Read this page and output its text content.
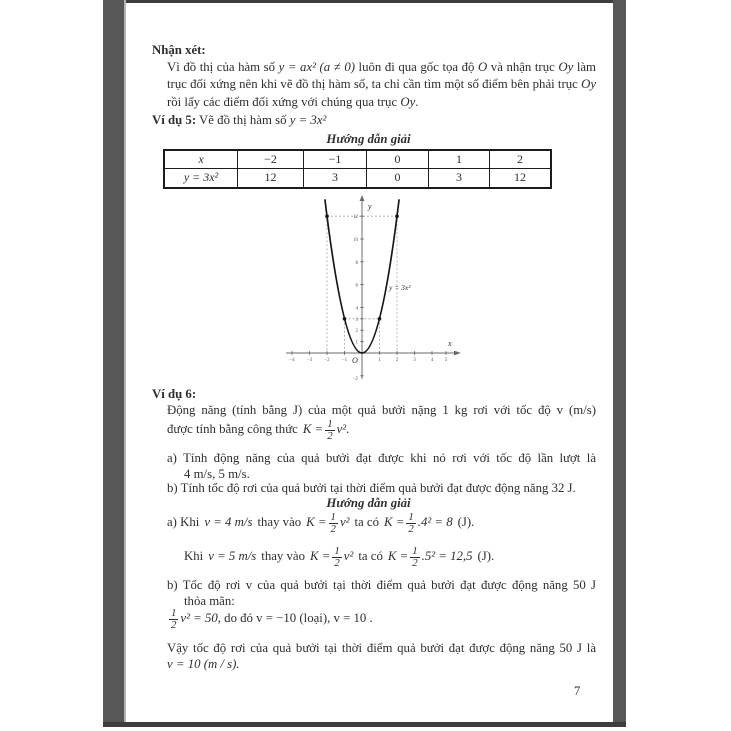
Nhận xét:
Vì đồ thị của hàm số y = ax² (a ≠ 0) luôn đi qua gốc tọa độ O và nhận trục Oy làm trục đối xứng nên khi vẽ đồ thị hàm số, ta chỉ cần tìm một số điểm bên phải trục Oy rồi lấy các điểm đối xứng với chúng qua trục Oy.
Ví dụ 5: Vẽ đồ thị hàm số y = 3x²
Hướng dẫn giải
x	−2	−1	0	1	2
y = 3x²	12	3	0	3	12
y
x
O
y = 3x²
12
10
8
6
4
3
2
1
−2
−4 −3 −2 −1	1	2	3	4 5
Ví dụ 6:
Động năng (tính bằng J) của một quả bưởi nặng 1 kg rơi với tốc độ v (m/s)
được tính bằng công thức $K = \frac{1}{2} v^2$ .
a) Tính động năng của quả bưởi đạt được khi nó rơi với tốc độ lần lượt là
4 m/s, 5 m/s.
b) Tính tốc độ rơi của quả bưởi tại thời điểm quả bưởi đạt được động năng 32 J.
Hướng dẫn giải
a) Khi v = 4 m/s thay vào $K = \frac{1}{2} v^2$ ta có $K = \frac{1}{2} .4^2 = 8$ (J).
Khi v = 5 m/s thay vào $K = \frac{1}{2} v^2$ ta có $K = \frac{1}{2} .5^2 = 12,5$ (J).
b) Tốc độ rơi v của quả bưởi tại thời điểm quả bưởi đạt được động năng 50 J
thỏa mãn:
$\frac{1}{2} v^2 = 50$ , do đó v = −10 (loại), v = 10 .
Vậy tốc độ rơi của quả bưởi tại thời điểm quả bưởi đạt được động năng 50 J là
v = 10 (m / s).
7
